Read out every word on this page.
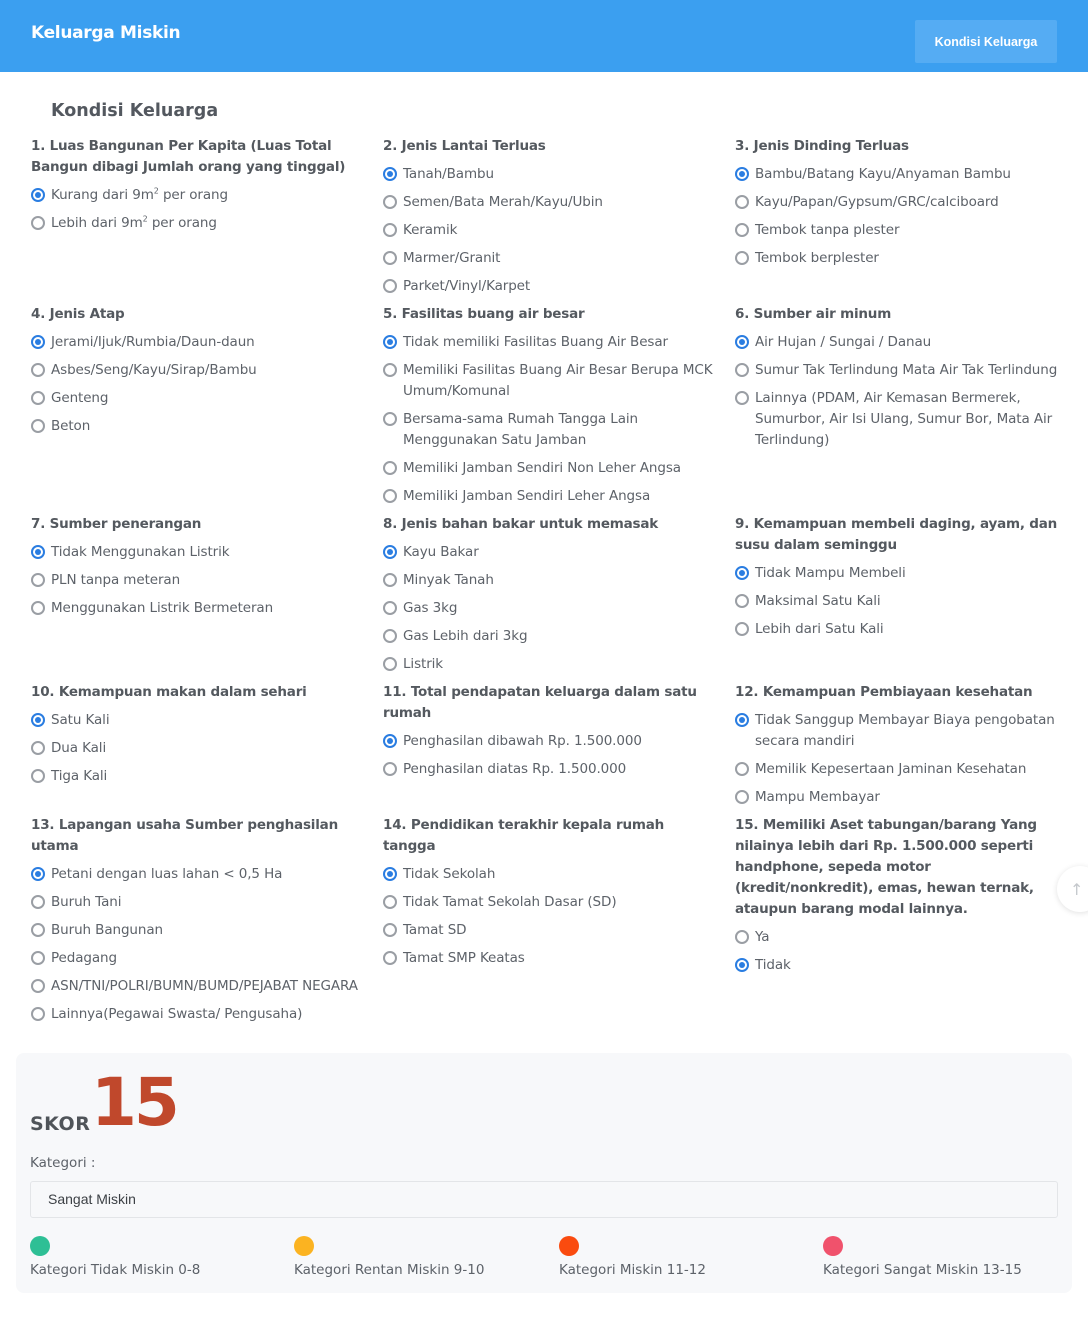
Keluarga Miskin	Kondisi Keluarga
Kondisi Keluarga
1. Luas Bangunan Per Kapita (Luas Total Bangun dibagi Jumlah orang yang tinggal)
Kurang dari $9m^2$ per orang
Lebih dari $9m^2$ per orang
2. Jenis Lantai Terluas
Tanah/Bambu
Semen/Bata Merah/Kayu/Ubin
Keramik
Marmer/Granit
Parket/Vinyl/Karpet
3. Jenis Dinding Terluas
Bambu/Batang Kayu/Anyaman Bambu
Kayu/Papan/Gypsum/GRC/calciboard
Tembok tanpa plester
Tembok berplester
4. Jenis Atap
Jerami/Ijuk/Rumbia/Daun-daun
Asbes/Seng/Kayu/Sirap/Bambu
Genteng
Beton
5. Fasilitas buang air besar
Tidak memiliki Fasilitas Buang Air Besar
Memiliki Fasilitas Buang Air Besar Berupa MCK Umum/Komunal
Bersama-sama Rumah Tangga Lain Menggunakan Satu Jamban
Memiliki Jamban Sendiri Non Leher Angsa
Memiliki Jamban Sendiri Leher Angsa
6. Sumber air minum
Air Hujan / Sungai / Danau
Sumur Tak Terlindung Mata Air Tak Terlindung
Lainnya (PDAM, Air Kemasan Bermerek, Sumurbor, Air Isi Ulang, Sumur Bor, Mata Air Terlindung)
7. Sumber penerangan
Tidak Menggunakan Listrik
PLN tanpa meteran
Menggunakan Listrik Bermeteran
8. Jenis bahan bakar untuk memasak
Kayu Bakar
Minyak Tanah
Gas 3kg
Gas Lebih dari 3kg
Listrik
9. Kemampuan membeli daging, ayam, dan susu dalam seminggu
Tidak Mampu Membeli
Maksimal Satu Kali
Lebih dari Satu Kali
10. Kemampuan makan dalam sehari
Satu Kali
Dua Kali
Tiga Kali
11. Total pendapatan keluarga dalam satu rumah
Penghasilan dibawah Rp. 1.500.000
Penghasilan diatas Rp. 1.500.000
12. Kemampuan Pembiayaan kesehatan
Tidak Sanggup Membayar Biaya pengobatan secara mandiri
Memilik Kepesertaan Jaminan Kesehatan
Mampu Membayar
13. Lapangan usaha Sumber penghasilan utama
Petani dengan luas lahan < 0,5 Ha
Buruh Tani
Buruh Bangunan
Pedagang
ASN/TNI/POLRI/BUMN/BUMD/PEJABAT NEGARA
Lainnya(Pegawai Swasta/ Pengusaha)
14. Pendidikan terakhir kepala rumah tangga
Tidak Sekolah
Tidak Tamat Sekolah Dasar (SD)
Tamat SD
Tamat SMP Keatas
15. Memiliki Aset tabungan/barang Yang nilainya lebih dari Rp. 1.500.000 seperti handphone, sepeda motor (kredit/nonkredit), emas, hewan ternak, ataupun barang modal lainnya.
Ya
Tidak
SKOR 15
Kategori :
Sangat Miskin
Kategori Tidak Miskin 0-8	Kategori Rentan Miskin 9-10	Kategori Miskin 11-12	Kategori Sangat Miskin 13-15
↑
